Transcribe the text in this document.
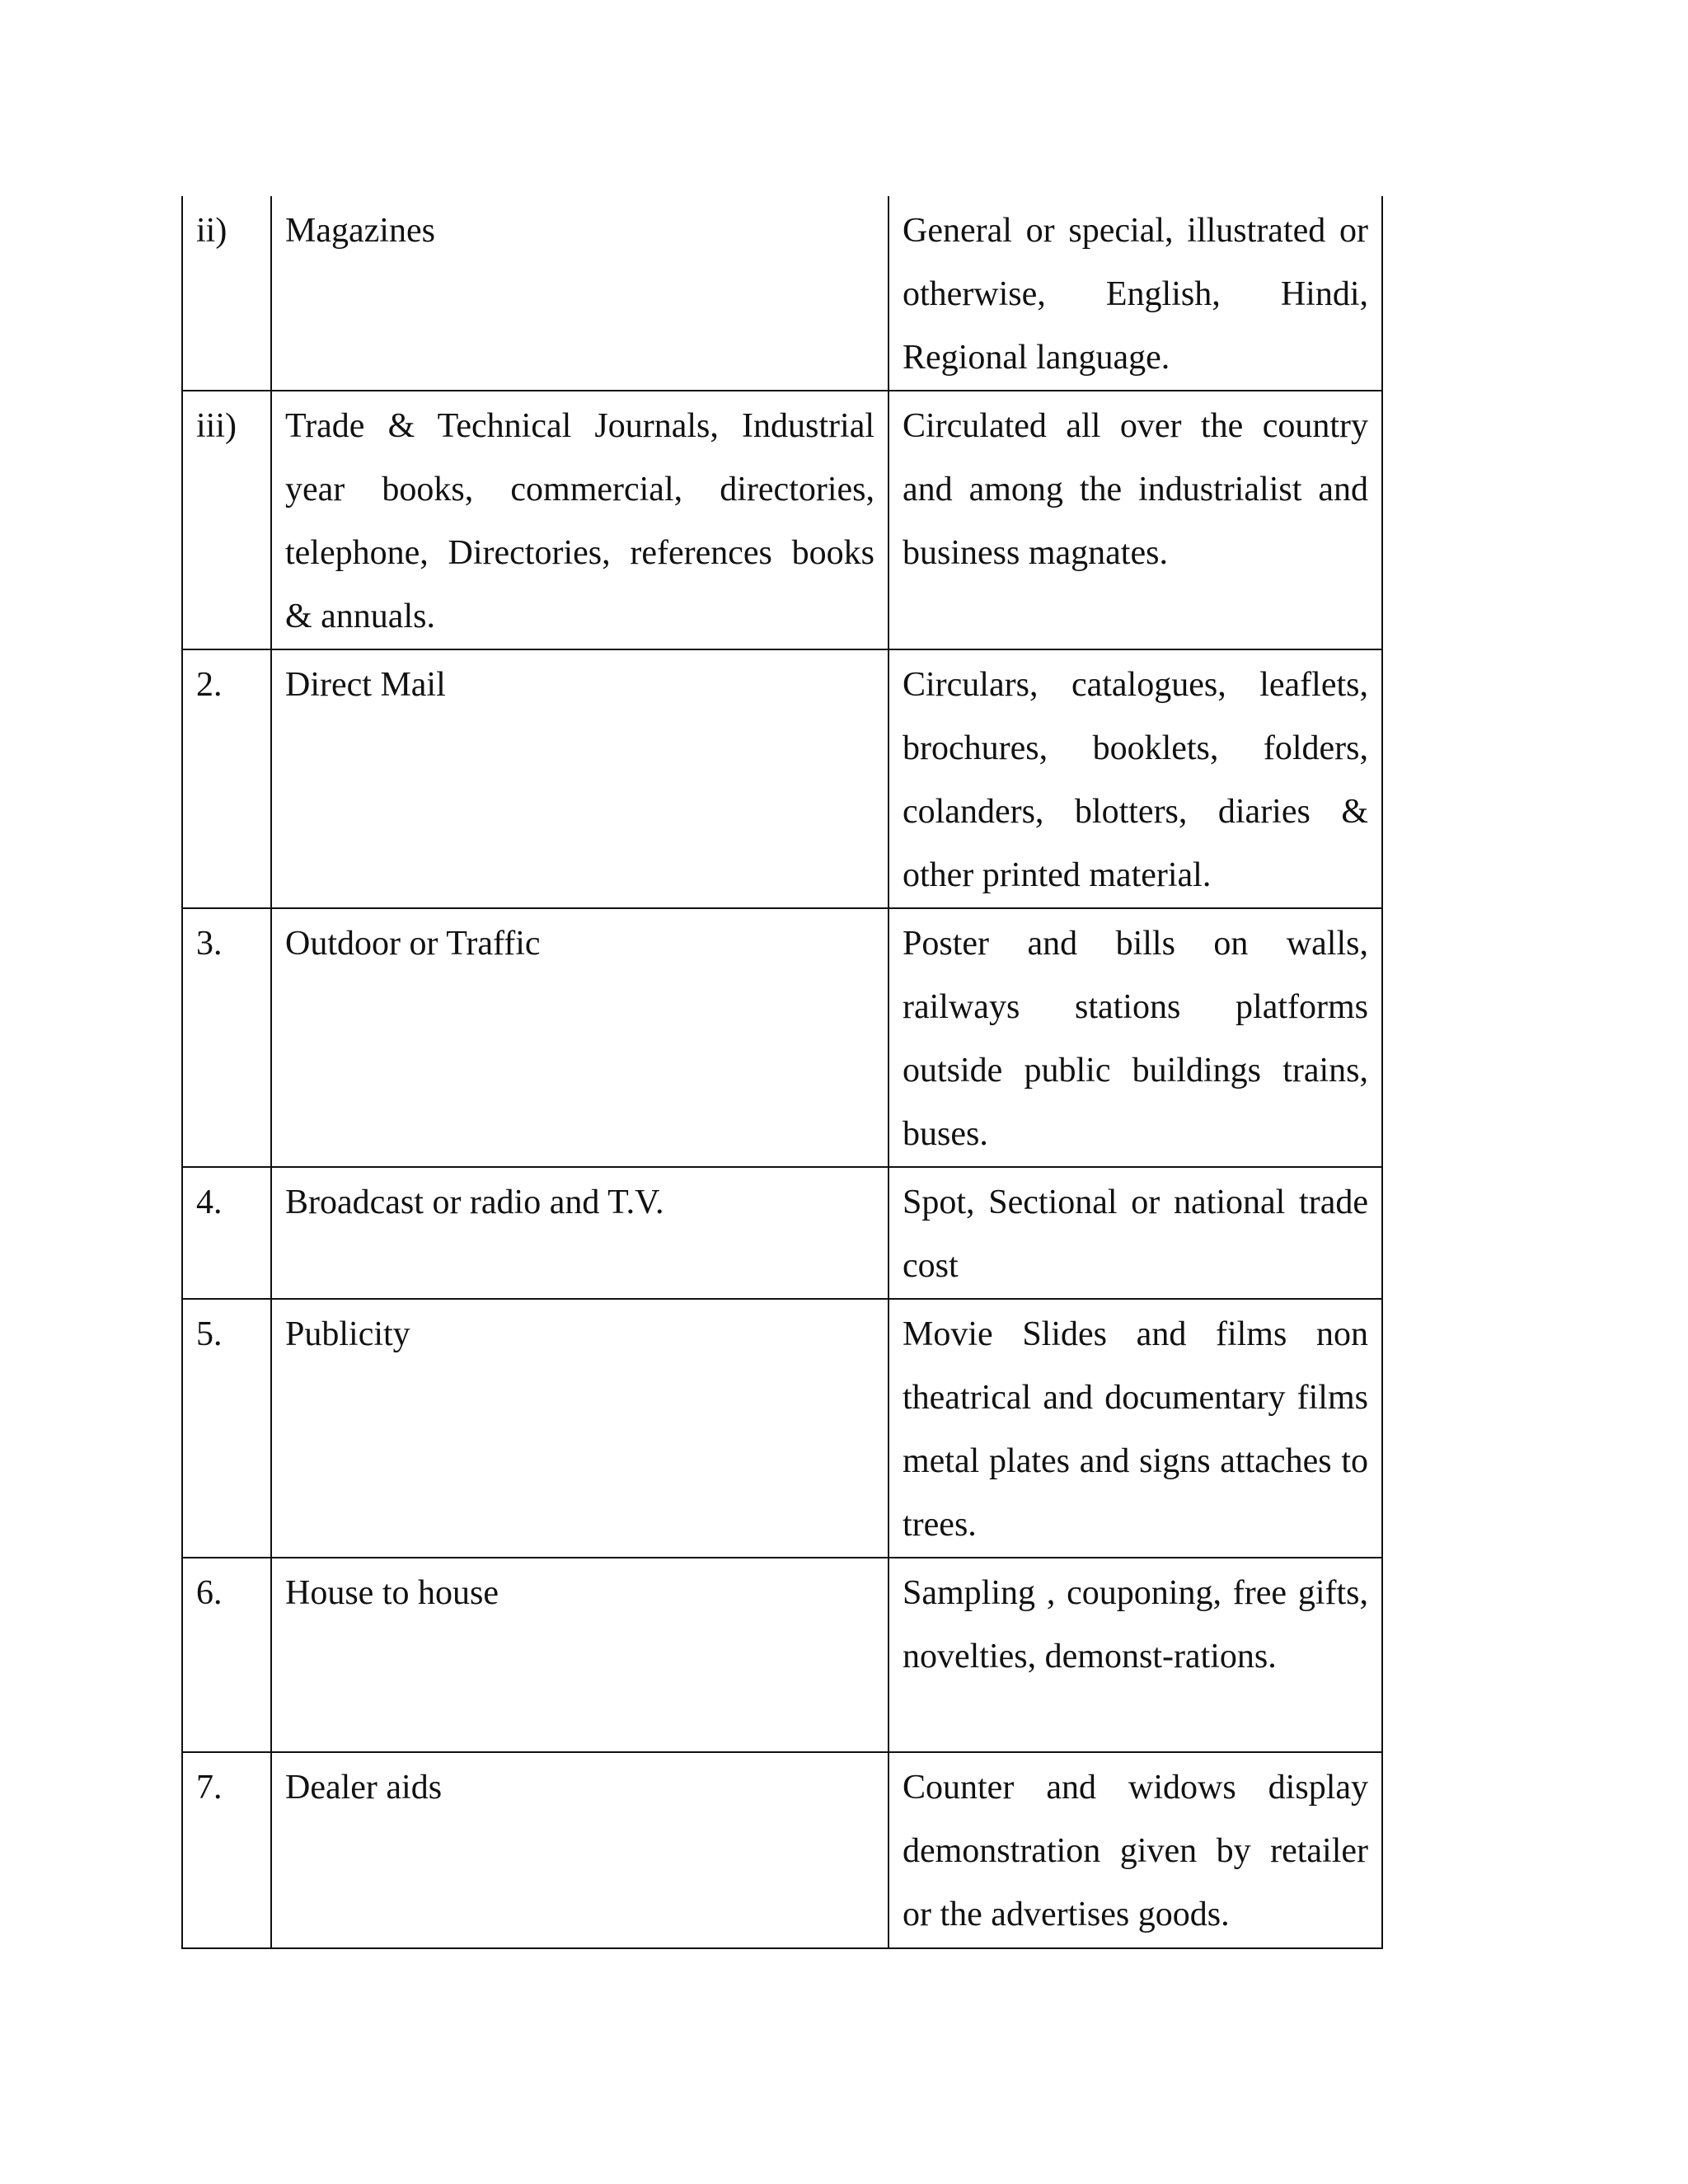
ii)	Magazines	General or special, illustrated or otherwise, English, Hindi, Regional language.
iii)	Trade & Technical Journals, Industrial year books, commercial, directories, telephone, Directories, references books & annuals.	Circulated all over the country and among the industrialist and business magnates.
2.	Direct Mail	Circulars, catalogues, leaflets, brochures, booklets, folders, colanders, blotters, diaries & other printed material.
3.	Outdoor or Traffic	Poster and bills on walls, railways stations platforms outside public buildings trains, buses.
4.	Broadcast or radio and T.V.	Spot, Sectional or national trade cost
5.	Publicity	Movie Slides and films non theatrical and documentary films metal plates and signs attaches to trees.
6.	House to house	Sampling , couponing, free gifts, novelties, demonst-rations.
7.	Dealer aids	Counter and widows display demonstration given by retailer or the advertises goods.
